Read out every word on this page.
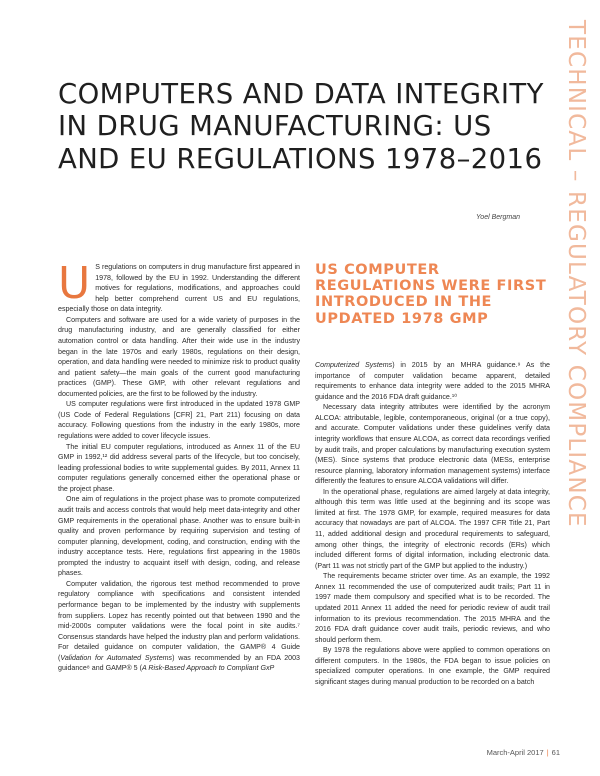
TECHNICAL – REGULATORY COMPLIANCE
COMPUTERS AND DATA INTEGRITY IN DRUG MANUFACTURING: US AND EU REGULATIONS 1978–2016
Yoel Bergman

U S regulations on computers in drug manufacture first appeared in 1978, followed by the EU in 1992. Understanding the different motives for regulations, modifications, and approaches could help better comprehend current US and EU regulations, especially those on data integrity.

Computers and software are used for a wide variety of purposes in the drug manufacturing industry, and are generally classified for either automation control or data handling. After their wide use in the industry began in the late 1970s and early 1980s, regulations on their design, operation, and data handling were needed to minimize risk to product quality and patient safety—the main goals of the current good manufacturing practices (GMP). These GMP, with other relevant regulations and documented policies, are the first to be followed by the industry.

US computer regulations were first introduced in the updated 1978 GMP (US Code of Federal Regulations [CFR] 21, Part 211) focusing on data accuracy. Following questions from the industry in the early 1980s, more regulations were added to cover lifecycle issues.

The initial EU computer regulations, introduced as Annex 11 of the EU GMP in 1992,¹² did address several parts of the lifecycle, but too concisely, leading professional bodies to write supplemental guides. By 2011, Annex 11 computer regulations generally concerned either the operational phase or the project phase.

One aim of regulations in the project phase was to promote computerized audit trails and access controls that would help meet data-integrity and other GMP requirements in the operational phase. Another was to ensure built-in quality and proven performance by requiring supervision and testing of computer planning, development, coding, and construction, ending with the industry acceptance tests. Here, regulations first appearing in the 1980s prompted the industry to acquaint itself with design, coding, and release phases.

Computer validation, the rigorous test method recommended to prove regulatory compliance with specifications and consistent intended performance began to be implemented by the industry with supplements from suppliers. Lopez has recently pointed out that between 1990 and the mid-2000s computer validations were the focal point in site audits.⁷ Consensus standards have helped the industry plan and perform validations. For detailed guidance on computer validation, the GAMP® 4 Guide (Validation for Automated Systems) was recommended by an FDA 2003 guidance⁸ and GAMP® 5 (A Risk-Based Approach to Compliant GxP

US COMPUTER REGULATIONS WERE FIRST INTRODUCED IN THE UPDATED 1978 GMP

Computerized Systems) in 2015 by an MHRA guidance.⁹ As the importance of computer validation became apparent, detailed requirements to enhance data integrity were added to the 2015 MHRA guidance and the 2016 FDA draft guidance.¹⁰

Necessary data integrity attributes were identified by the acronym ALCOA: attributable, legible, contemporaneous, original (or a true copy), and accurate. Computer validations under these guidelines verify data integrity workflows that ensure ALCOA, as correct data recordings verified by audit trails, and proper calculations by manufacturing execution system (MES). Since systems that produce electronic data (MESs, enterprise resource planning, laboratory information management systems) interface differently the features to ensure ALCOA validations will differ.

In the operational phase, regulations are aimed largely at data integrity, although this term was little used at the beginning and its scope was limited at first. The 1978 GMP, for example, required measures for data accuracy that nowadays are part of ALCOA. The 1997 CFR Title 21, Part 11, added additional design and procedural requirements to safeguard, among other things, the integrity of electronic records (ERs) which included different forms of digital information, including electronic data. (Part 11 was not strictly part of the GMP but applied to the industry.)

The requirements became stricter over time. As an example, the 1992 Annex 11 recommended the use of computerized audit trails; Part 11 in 1997 made them compulsory and specified what is to be recorded. The updated 2011 Annex 11 added the need for periodic review of audit trail information to its previous recommendation. The 2015 MHRA and the 2016 FDA draft guidance cover audit trails, periodic reviews, and who should perform them.

By 1978 the regulations above were applied to common operations on different computers. In the 1980s, the FDA began to issue policies on specialized computer operations. In one example, the GMP required significant stages during manual production to be recorded on a batch

March-April 2017 | 61
